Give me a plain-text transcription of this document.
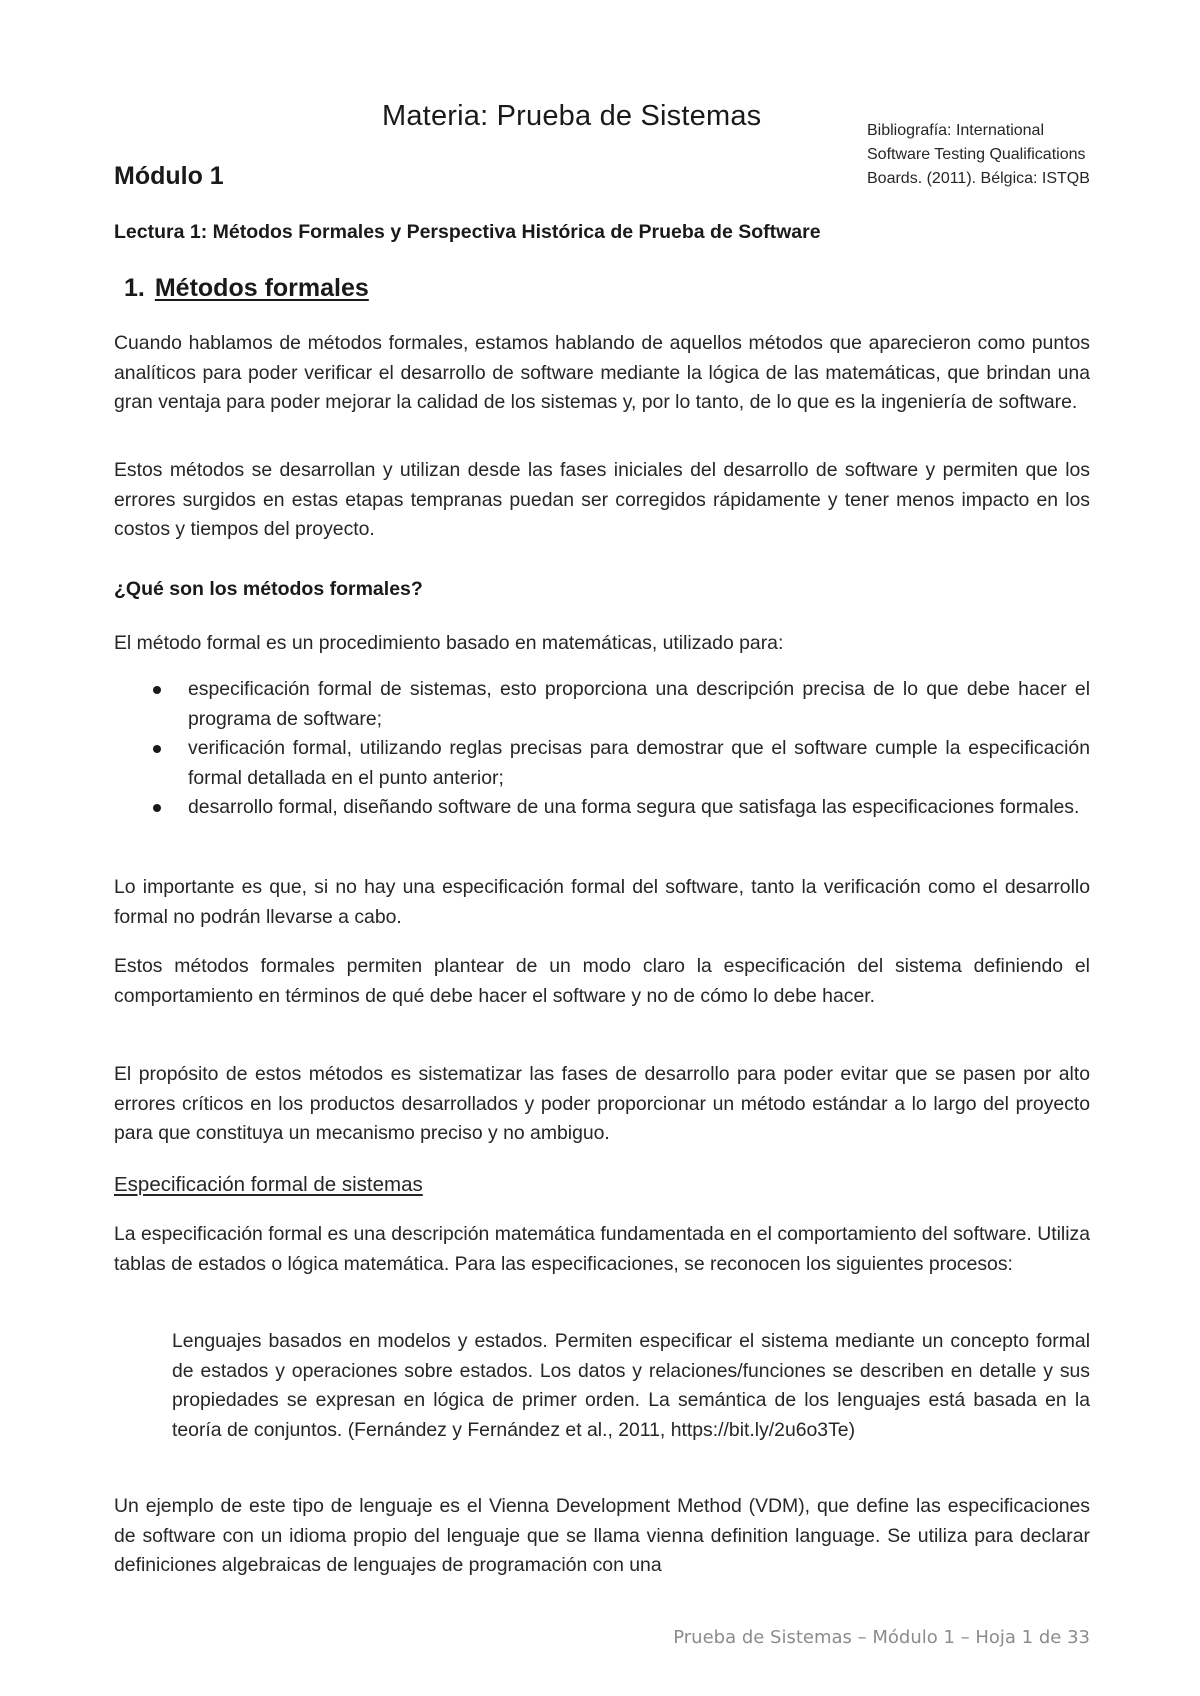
Materia: Prueba de Sistemas	Bibliografía: International
Software Testing Qualifications
Boards. (2011). Bélgica: ISTQB
Módulo 1
Lectura 1: Métodos Formales y Perspectiva Histórica de Prueba de Software
1. Métodos formales

Cuando hablamos de métodos formales, estamos hablando de aquellos métodos que aparecieron como puntos analíticos para poder verificar el desarrollo de software mediante la lógica de las matemáticas, que brindan una gran ventaja para poder mejorar la calidad de los sistemas y, por lo tanto, de lo que es la ingeniería de software.

Estos métodos se desarrollan y utilizan desde las fases iniciales del desarrollo de software y permiten que los errores surgidos en estas etapas tempranas puedan ser corregidos rápidamente y tener menos impacto en los costos y tiempos del proyecto.

¿Qué son los métodos formales?

El método formal es un procedimiento basado en matemáticas, utilizado para:

especificación formal de sistemas, esto proporciona una descripción precisa de lo que debe hacer el programa de software;
verificación formal, utilizando reglas precisas para demostrar que el software cumple la especificación formal detallada en el punto anterior;
desarrollo formal, diseñando software de una forma segura que satisfaga las especificaciones formales.

Lo importante es que, si no hay una especificación formal del software, tanto la verificación como el desarrollo formal no podrán llevarse a cabo.

Estos métodos formales permiten plantear de un modo claro la especificación del sistema definiendo el comportamiento en términos de qué debe hacer el software y no de cómo lo debe hacer.

El propósito de estos métodos es sistematizar las fases de desarrollo para poder evitar que se pasen por alto errores críticos en los productos desarrollados y poder proporcionar un método estándar a lo largo del proyecto para que constituya un mecanismo preciso y no ambiguo.

Especificación formal de sistemas

La especificación formal es una descripción matemática fundamentada en el comportamiento del software. Utiliza tablas de estados o lógica matemática. Para las especificaciones, se reconocen los siguientes procesos:

Lenguajes basados en modelos y estados. Permiten especificar el sistema mediante un concepto formal de estados y operaciones sobre estados. Los datos y relaciones/funciones se describen en detalle y sus propiedades se expresan en lógica de primer orden. La semántica de los lenguajes está basada en la teoría de conjuntos. (Fernández y Fernández et al., 2011, https://bit.ly/2u6o3Te)

Un ejemplo de este tipo de lenguaje es el Vienna Development Method (VDM), que define las especificaciones de software con un idioma propio del lenguaje que se llama vienna definition language. Se utiliza para declarar definiciones algebraicas de lenguajes de programación con una

Prueba de Sistemas – Módulo 1 – Hoja 1 de 33
